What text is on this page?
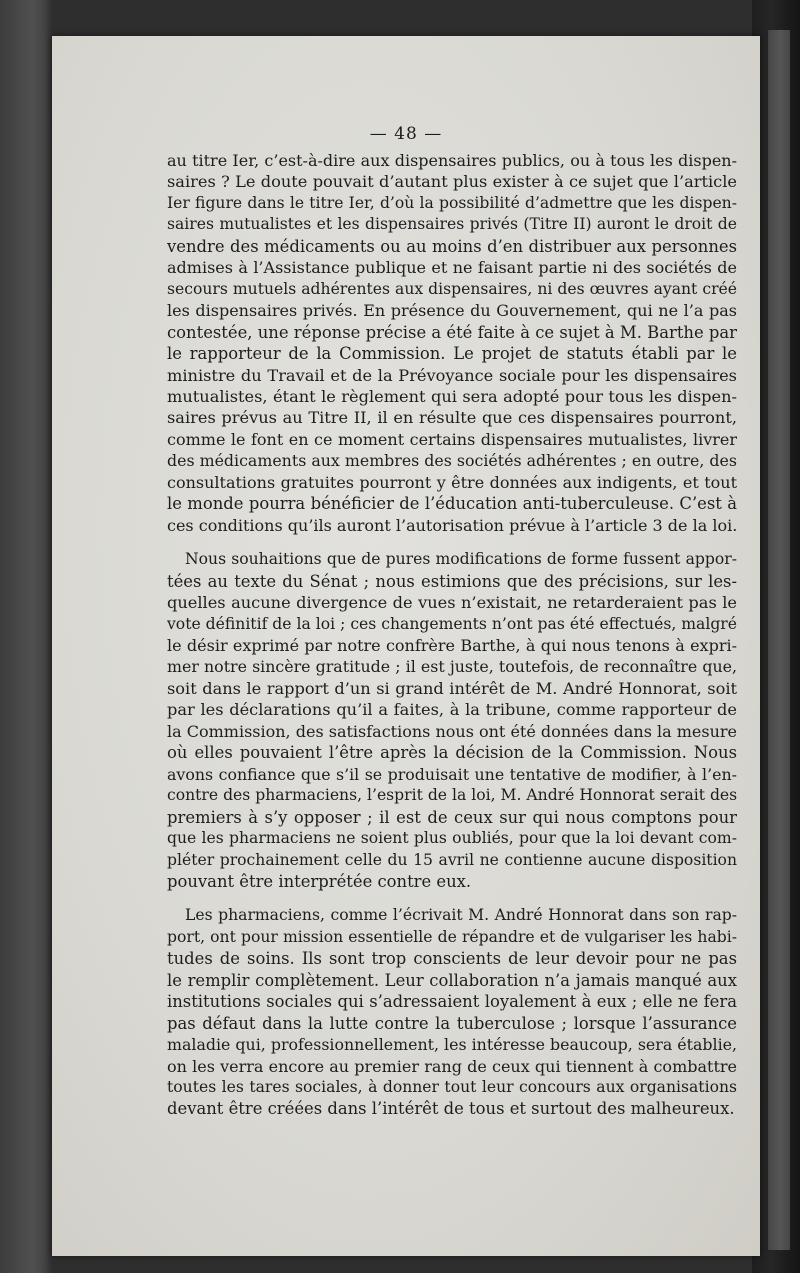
— 48 —
au titre Ier, c’est-à-dire aux dispensaires publics, ou à tous les dispen-
saires ? Le doute pouvait d’autant plus exister à ce sujet que l’article
Ier figure dans le titre Ier, d’où la possibilité d’admettre que les dispen-
saires mutualistes et les dispensaires privés (Titre II) auront le droit de
vendre des médicaments ou au moins d’en distribuer aux personnes
admises à l’Assistance publique et ne faisant partie ni des sociétés de
secours mutuels adhérentes aux dispensaires, ni des œuvres ayant créé
les dispensaires privés. En présence du Gouvernement, qui ne l’a pas
contestée, une réponse précise a été faite à ce sujet à M. Barthe par
le rapporteur de la Commission. Le projet de statuts établi par le
ministre du Travail et de la Prévoyance sociale pour les dispensaires
mutualistes, étant le règlement qui sera adopté pour tous les dispen-
saires prévus au Titre II, il en résulte que ces dispensaires pourront,
comme le font en ce moment certains dispensaires mutualistes, livrer
des médicaments aux membres des sociétés adhérentes ; en outre, des
consultations gratuites pourront y être données aux indigents, et tout
le monde pourra bénéficier de l’éducation anti-tuberculeuse. C’est à
ces conditions qu’ils auront l’autorisation prévue à l’article 3 de la loi.
Nous souhaitions que de pures modifications de forme fussent appor-
tées au texte du Sénat ; nous estimions que des précisions, sur les-
quelles aucune divergence de vues n’existait, ne retarderaient pas le
vote définitif de la loi ; ces changements n’ont pas été effectués, malgré
le désir exprimé par notre confrère Barthe, à qui nous tenons à expri-
mer notre sincère gratitude ; il est juste, toutefois, de reconnaître que,
soit dans le rapport d’un si grand intérêt de M. André Honnorat, soit
par les déclarations qu’il a faites, à la tribune, comme rapporteur de
la Commission, des satisfactions nous ont été données dans la mesure
où elles pouvaient l’être après la décision de la Commission. Nous
avons confiance que s’il se produisait une tentative de modifier, à l’en-
contre des pharmaciens, l’esprit de la loi, M. André Honnorat serait des
premiers à s’y opposer ; il est de ceux sur qui nous comptons pour
que les pharmaciens ne soient plus oubliés, pour que la loi devant com-
pléter prochainement celle du 15 avril ne contienne aucune disposition
pouvant être interprétée contre eux.
Les pharmaciens, comme l’écrivait M. André Honnorat dans son rap-
port, ont pour mission essentielle de répandre et de vulgariser les habi-
tudes de soins. Ils sont trop conscients de leur devoir pour ne pas
le remplir complètement. Leur collaboration n’a jamais manqué aux
institutions sociales qui s’adressaient loyalement à eux ; elle ne fera
pas défaut dans la lutte contre la tuberculose ; lorsque l’assurance
maladie qui, professionnellement, les intéresse beaucoup, sera établie,
on les verra encore au premier rang de ceux qui tiennent à combattre
toutes les tares sociales, à donner tout leur concours aux organisations
devant être créées dans l’intérêt de tous et surtout des malheureux.
